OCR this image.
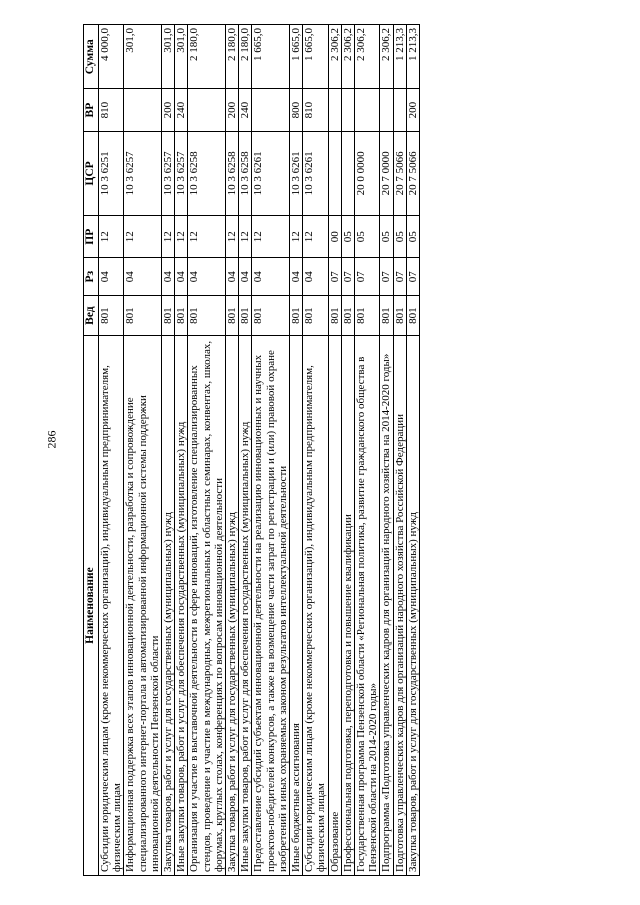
286
Наименование	Вед	Рз	ПР	ЦСР	ВР	Сумма
Субсидии юридическим лицам (кроме некоммерческих организаций), индивидуальным предпринимателям, физическим лицам	801	04	12	10 3 6251	810	4 000,0
Информационная поддержка всех этапов инновационной деятельности, разработка и сопровождение специализированного интернет-портала и автоматизированной информационной системы поддержки инновационной деятельности Пензенской области	801	04	12	10 3 6257		301,0
Закупка товаров, работ и услуг для государственных (муниципальных) нужд	801	04	12	10 3 6257	200	301,0
Иные закупки товаров, работ и услуг для обеспечения государственных (муниципальных) нужд	801	04	12	10 3 6257	240	301,0
Организация и участие в выставочной деятельности в сфере инноваций, изготовление специализированных стендов, проведение и участие в международных, межрегиональных и областных семинарах, конвентах, школах, форумах, круглых столах, конференциях по вопросам инновационной деятельности	801	04	12	10 3 6258		2 180,0
Закупка товаров, работ и услуг для государственных (муниципальных) нужд	801	04	12	10 3 6258	200	2 180,0
Иные закупки товаров, работ и услуг для обеспечения государственных (муниципальных) нужд	801	04	12	10 3 6258	240	2 180,0
Предоставление субсидий субъектам инновационной деятельности на реализацию инновационных и научных проектов-победителей конкурсов, а также на возмещение части затрат по регистрации и (или) правовой охране изобретений и иных охраняемых законом результатов интеллектуальной деятельности	801	04	12	10 3 6261		1 665,0
Иные бюджетные ассигнования	801	04	12	10 3 6261	800	1 665,0
Субсидии юридическим лицам (кроме некоммерческих организаций), индивидуальным предпринимателям, физическим лицам	801	04	12	10 3 6261	810	1 665,0
Образование	801	07	00			2 306,2
Профессиональная подготовка, переподготовка и повышение квалификации	801	07	05			2 306,2
Государственная программа Пензенской области «Региональная политика, развитие гражданского общества в Пензенской области на 2014-2020 годы»	801	07	05	20 0 0000		2 306,2
Подпрограмма «Подготовка управленческих кадров для организаций народного хозяйства на 2014-2020 годы»	801	07	05	20 7 0000		2 306,2
Подготовка управленческих кадров для организаций народного хозяйства Российской Федерации	801	07	05	20 7 5066		1 213,3
Закупка товаров, работ и услуг для государственных (муниципальных) нужд	801	07	05	20 7 5066	200	1 213,3
